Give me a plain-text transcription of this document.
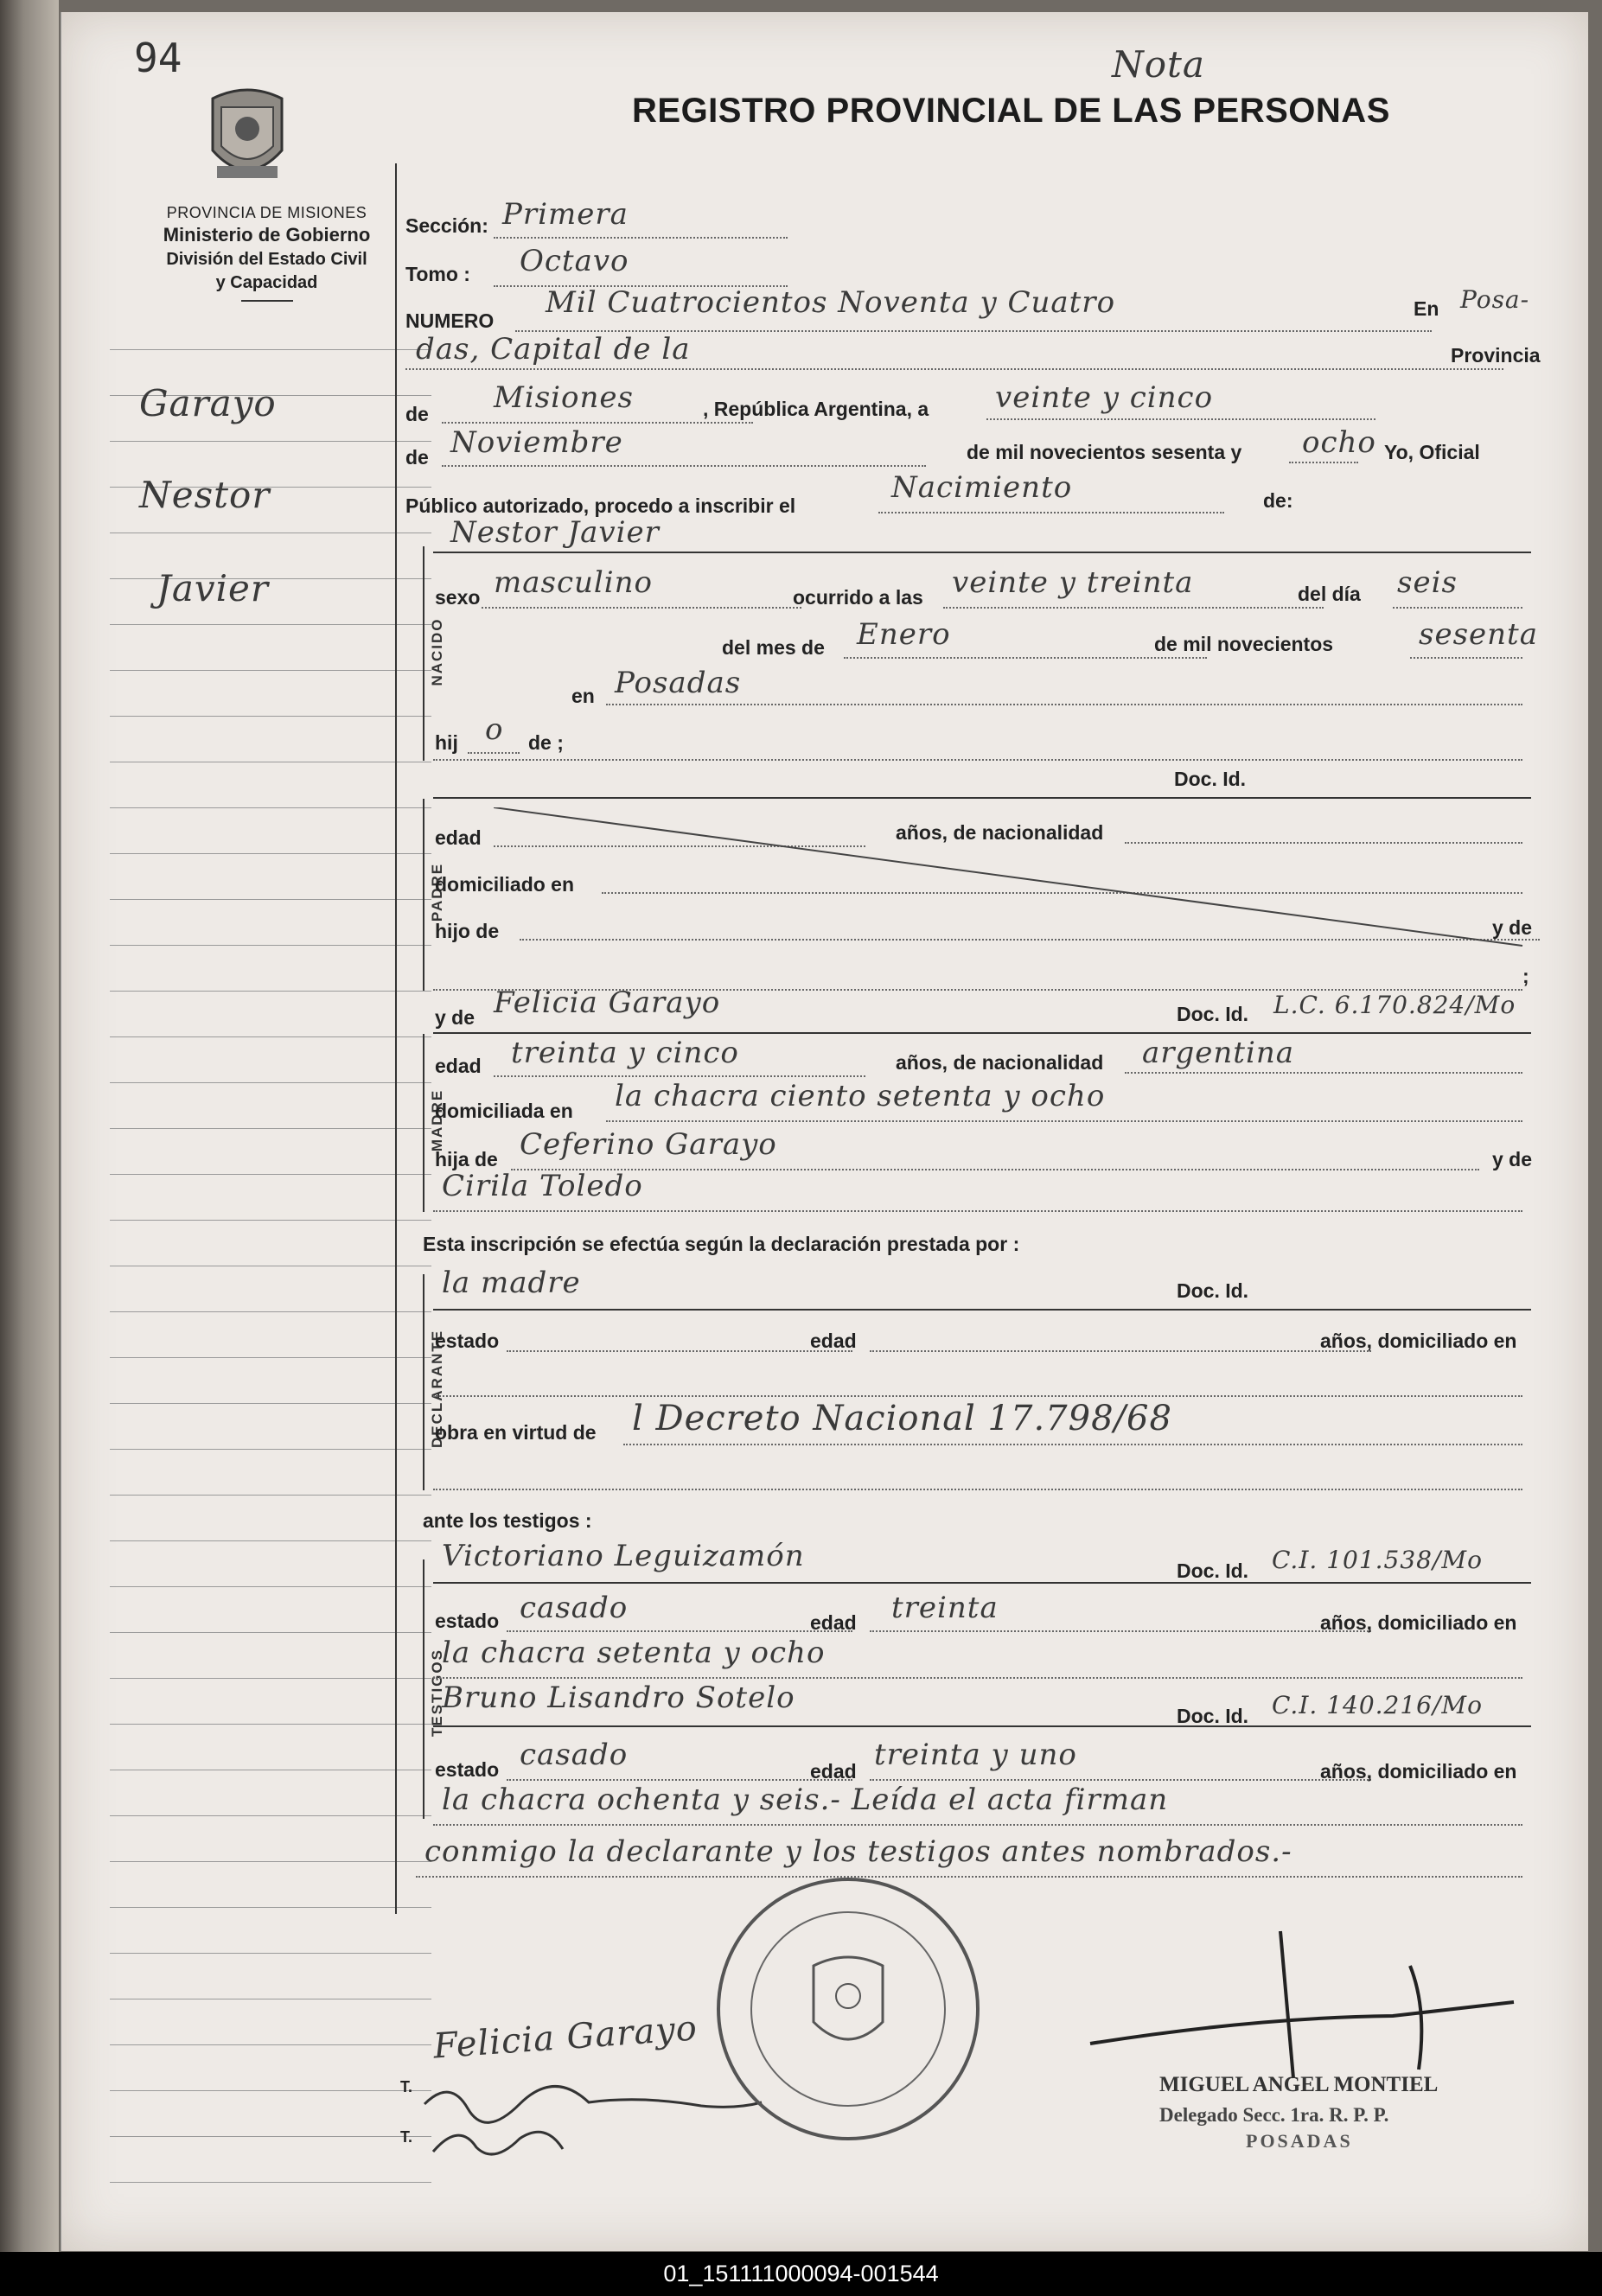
94
REGISTRO PROVINCIAL DE LAS PERSONAS
Nota
PROVINCIA DE MISIONES
Ministerio de Gobierno
División del Estado Civil
y Capacidad
Garayo
Nestor
Javier
Sección: Primera
Tomo : Octavo
NUMERO
Mil Cuatrocientos Noventa y Cuatro	En Posa-
das, Capital de la	Provincia
de Misiones	, República Argentina, a veinte y cinco
de Noviembre	de mil novecientos sesenta y ocho Yo, Oficial
Público autorizado, procedo a inscribir el
Nacimiento	de:
NACIDO
Nestor Javier
sexo masculino	ocurrido a las veinte y treinta	del día seis
del mes de Enero	de mil novecientos	sesenta
en Posadas
hij o de ;
Doc. Id.
PADRE
edad	años, de nacionalidad
domiciliado en
hijo de	y de
;
y de Felicia Garayo	Doc. Id. L.C. 6.170.824/Mo
MADRE
edad treinta y cinco	años, de nacionalidad argentina
domiciliada en la chacra ciento setenta y ocho
hija de Ceferino Garayo	y de
Cirila Toledo
Esta inscripción se efectúa según la declaración prestada por :
la madre	Doc. Id.
DECLARANTE
estado	edad	años, domiciliado en
obra en virtud de l Decreto Nacional 17.798/68
ante los testigos :
Victoriano Leguizamón	Doc. Id. C.I. 101.538/Mo
TESTIGOS
estado casado	edad treinta	años, domiciliado en
la chacra setenta y ocho
Bruno Lisandro Sotelo
Doc. Id. C.I. 140.216/Mo
estado casado	edad treinta y uno	años, domiciliado en
la chacra ochenta y seis.- Leída el acta firman
conmigo la declarante y los testigos antes nombrados.-
Felicia Garayo
T.
T.
MIGUEL ANGEL MONTIEL
Delegado Secc. 1ra. R. P. P.
POSADAS
01_151111000094-001544
